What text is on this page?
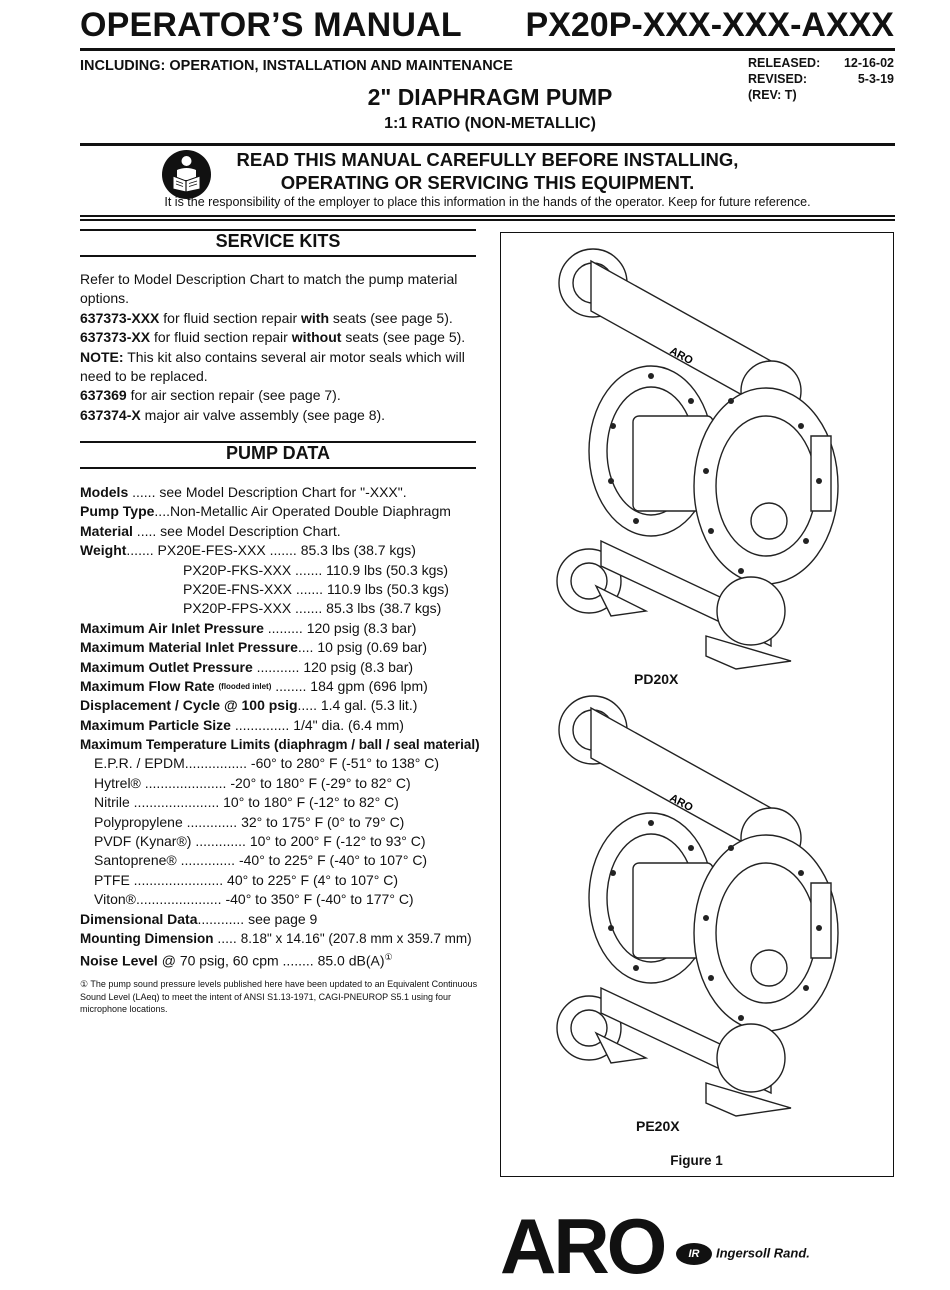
OPERATOR’S MANUAL PX20P-XXX-XXX-AXXX
INCLUDING: OPERATION, INSTALLATION AND MAINTENANCE	RELEASED: 12-16-02
REVISED:	5-3-19
(REV: T)
2" DIAPHRAGM PUMP
1:1 RATIO (NON-METALLIC)
READ THIS MANUAL CAREFULLY BEFORE INSTALLING,
OPERATING OR SERVICING THIS EQUIPMENT.
It is the responsibility of the employer to place this information in the hands of the operator. Keep for future reference.
SERVICE KITS

Refer to Model Description Chart to match the pump material options.

637373-XXX for fluid section repair with seats (see page 5).

637373-XX for fluid section repair without seats (see page 5).

NOTE: This kit also contains several air motor seals which will need to be replaced.

637369 for air section repair (see page 7).

637374-X major air valve assembly (see page 8).

PUMP DATA
Models ...... see Model Description Chart for "-XXX".
Pump Type....Non-Metallic Air Operated Double Diaphragm
Material ..... see Model Description Chart.
Weight....... PX20E-FES-XXX ....... 85.3 lbs (38.7 kgs)
PX20P-FKS-XXX ....... 110.9 lbs (50.3 kgs)
PX20E-FNS-XXX ....... 110.9 lbs (50.3 kgs)
PX20P-FPS-XXX ....... 85.3 lbs (38.7 kgs)
Maximum Air Inlet Pressure ......... 120 psig (8.3 bar)
Maximum Material Inlet Pressure.... 10 psig (0.69 bar)
Maximum Outlet Pressure ........... 120 psig (8.3 bar)
Maximum Flow Rate $^{(flooded inlet)}$ ........ 184 gpm (696 lpm)
Displacement / Cycle @ 100 psig..... 1.4 gal. (5.3 lit.)
Maximum Particle Size .............. 1/4" dia. (6.4 mm)
Maximum Temperature Limits (diaphragm / ball / seal material)
E.P.R. / EPDM................ -60° to 280° F (-51° to 138° C)
Hytrel® ..................... -20° to 180° F (-29° to 82° C)
Nitrile ...................... 10° to 180° F (-12° to 82° C)
Polypropylene ............. 32° to 175° F (0° to 79° C)
PVDF (Kynar®) ............. 10° to 200° F (-12° to 93° C)
Santoprene® .............. -40° to 225° F (-40° to 107° C)
PTFE ....................... 40° to 225° F (4° to 107° C)
Viton®...................... -40° to 350° F (-40° to 177° C)
Dimensional Data............ see page 9
Mounting Dimension ..... 8.18" x 14.16" (207.8 mm x 359.7 mm)
Noise Level @ 70 psig, 60 cpm ........ 85.0 dB(A)①
① The pump sound pressure levels published here have been updated to an Equivalent Continuous Sound Level (LAeq) to meet the intent of ANSI S1.13-1971, CAGI-PNEUROP S5.1 using four microphone locations.
ARO
PD20X
ARO
PE20X
Figure 1
ARO	IR Ingersoll Rand.
